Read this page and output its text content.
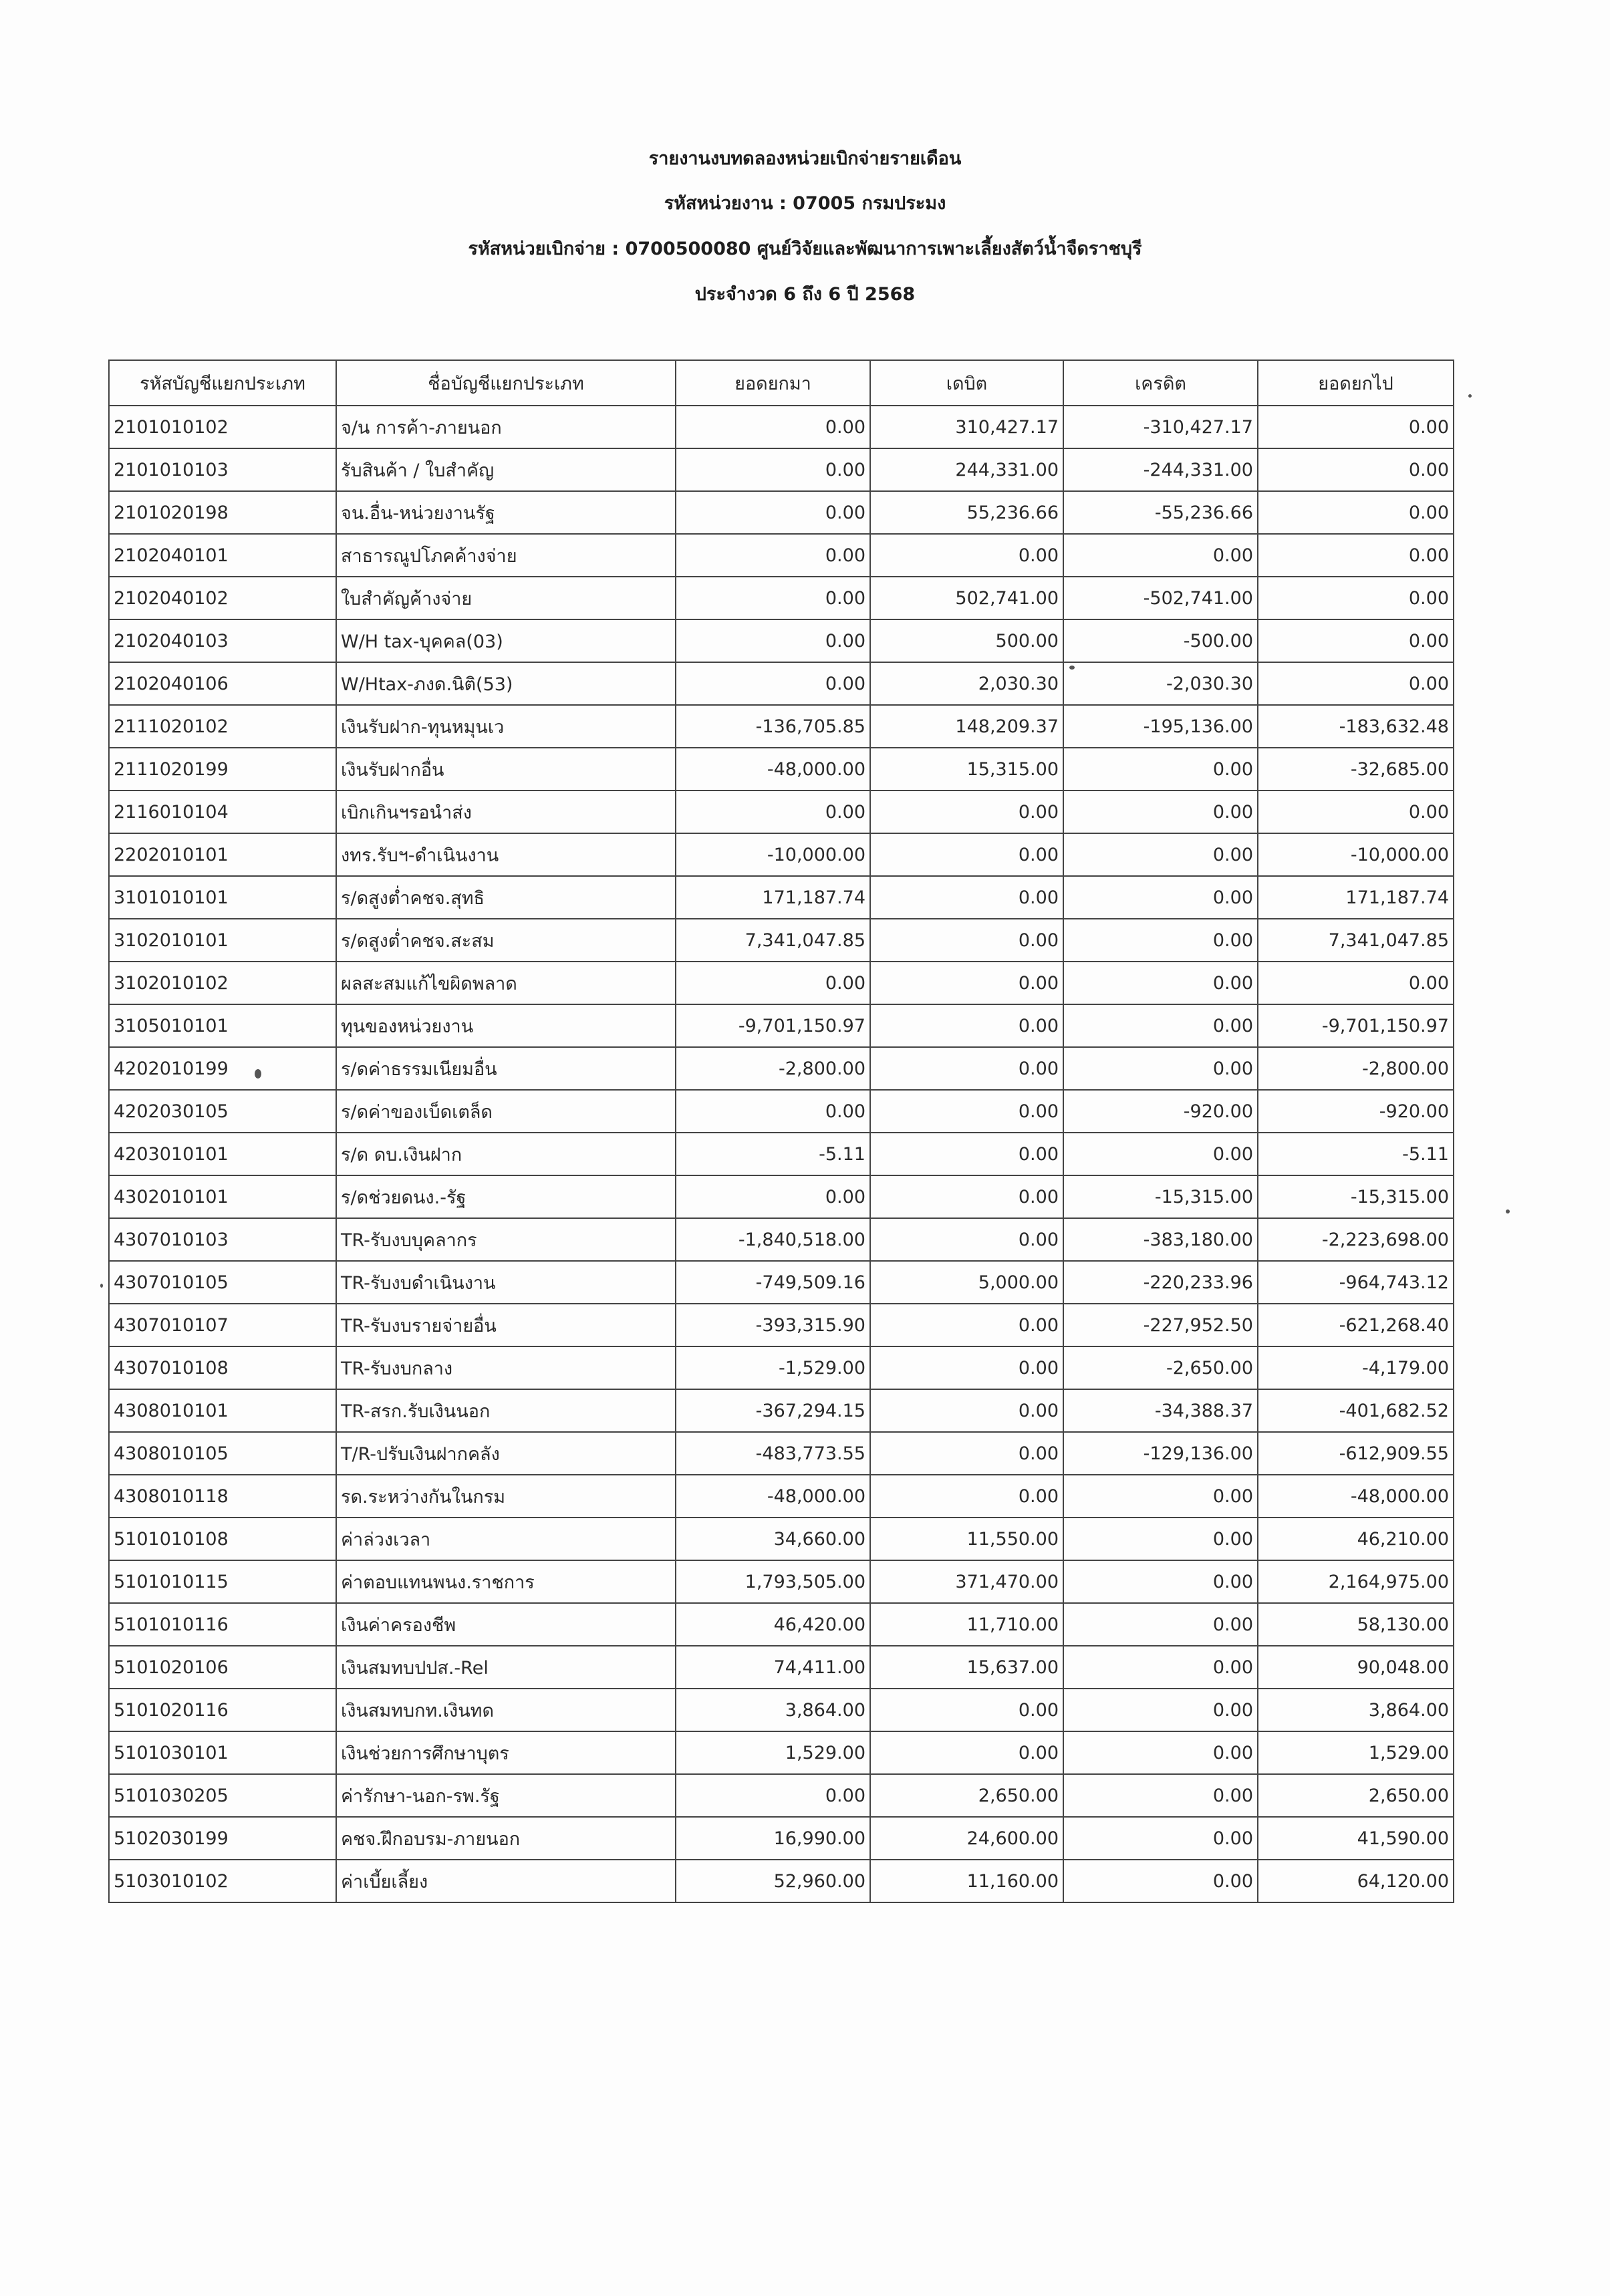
รายงานงบทดลองหน่วยเบิกจ่ายรายเดือน
รหัสหน่วยงาน : 07005 กรมประมง
รหัสหน่วยเบิกจ่าย : 0700500080 ศูนย์วิจัยและพัฒนาการเพาะเลี้ยงสัตว์น้ำจืดราชบุรี
ประจำงวด 6 ถึง 6 ปี 2568
รหัสบัญชีแยกประเภท	ชื่อบัญชีแยกประเภท	ยอดยกมา	เดบิต	เครดิต	ยอดยกไป
2101010102	จ/น การค้า-ภายนอก	0.00	310,427.17	-310,427.17	0.00
2101010103	รับสินค้า / ใบสำคัญ	0.00	244,331.00	-244,331.00	0.00
2101020198	จน.อื่น-หน่วยงานรัฐ	0.00	55,236.66	-55,236.66	0.00
2102040101	สาธารณูปโภคค้างจ่าย	0.00	0.00	0.00	0.00
2102040102	ใบสำคัญค้างจ่าย	0.00	502,741.00	-502,741.00	0.00
2102040103	W/H tax-บุคคล(03)	0.00	500.00	-500.00	0.00
2102040106	W/Htax-ภงด.นิติ(53)	0.00	2,030.30	-2,030.30	0.00
2111020102	เงินรับฝาก-ทุนหมุนเว	-136,705.85	148,209.37	-195,136.00	-183,632.48
2111020199	เงินรับฝากอื่น	-48,000.00	15,315.00	0.00	-32,685.00
2116010104	เบิกเกินฯรอนำส่ง	0.00	0.00	0.00	0.00
2202010101	งทร.รับฯ-ดำเนินงาน	-10,000.00	0.00	0.00	-10,000.00
3101010101	ร/ดสูงต่ำคชจ.สุทธิ	171,187.74	0.00	0.00	171,187.74
3102010101	ร/ดสูงต่ำคชจ.สะสม	7,341,047.85	0.00	0.00	7,341,047.85
3102010102	ผลสะสมแก้ไขผิดพลาด	0.00	0.00	0.00	0.00
3105010101	ทุนของหน่วยงาน	-9,701,150.97	0.00	0.00	-9,701,150.97
4202010199	ร/ดค่าธรรมเนียมอื่น	-2,800.00	0.00	0.00	-2,800.00
4202030105	ร/ดค่าของเบ็ดเตล็ด	0.00	0.00	-920.00	-920.00
4203010101	ร/ด ดบ.เงินฝาก	-5.11	0.00	0.00	-5.11
4302010101	ร/ดช่วยดนง.-รัฐ	0.00	0.00	-15,315.00	-15,315.00
4307010103	TR-รับงบบุคลากร	-1,840,518.00	0.00	-383,180.00	-2,223,698.00
4307010105	TR-รับงบดำเนินงาน	-749,509.16	5,000.00	-220,233.96	-964,743.12
4307010107	TR-รับงบรายจ่ายอื่น	-393,315.90	0.00	-227,952.50	-621,268.40
4307010108	TR-รับงบกลาง	-1,529.00	0.00	-2,650.00	-4,179.00
4308010101	TR-สรก.รับเงินนอก	-367,294.15	0.00	-34,388.37	-401,682.52
4308010105	T/R-ปรับเงินฝากคลัง	-483,773.55	0.00	-129,136.00	-612,909.55
4308010118	รด.ระหว่างกันในกรม	-48,000.00	0.00	0.00	-48,000.00
5101010108	ค่าล่วงเวลา	34,660.00	11,550.00	0.00	46,210.00
5101010115	ค่าตอบแทนพนง.ราชการ	1,793,505.00	371,470.00	0.00	2,164,975.00
5101010116	เงินค่าครองชีพ	46,420.00	11,710.00	0.00	58,130.00
5101020106	เงินสมทบปปส.-Rel	74,411.00	15,637.00	0.00	90,048.00
5101020116	เงินสมทบกท.เงินทด	3,864.00	0.00	0.00	3,864.00
5101030101	เงินช่วยการศึกษาบุตร	1,529.00	0.00	0.00	1,529.00
5101030205	ค่ารักษา-นอก-รพ.รัฐ	0.00	2,650.00	0.00	2,650.00
5102030199	คชจ.ฝึกอบรม-ภายนอก	16,990.00	24,600.00	0.00	41,590.00
5103010102	ค่าเบี้ยเลี้ยง	52,960.00	11,160.00	0.00	64,120.00
